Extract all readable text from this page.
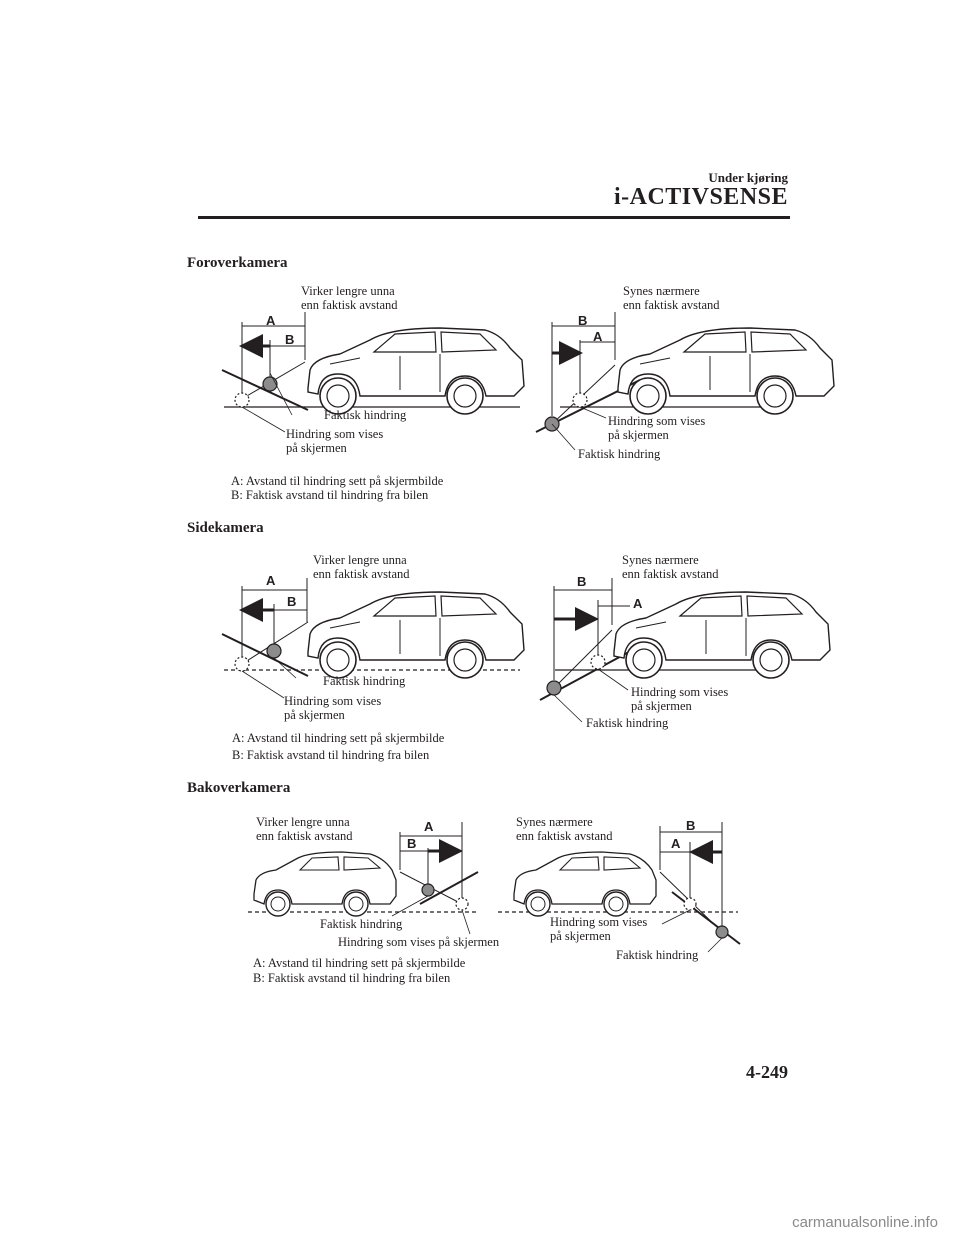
Under kjøring
i-ACTIVSENSE
Foroverkamera
A
B
B
A
Virker lengre unna
enn faktisk avstand
Faktisk hindring
Hindring som vises
på skjermen
Synes nærmere
enn faktisk avstand
Hindring som vises
på skjermen
Faktisk hindring
A: Avstand til hindring sett på skjermbilde
B: Faktisk avstand til hindring fra bilen
Sidekamera
A
B
B
A
Virker lengre unna
enn faktisk avstand
Faktisk hindring
Hindring som vises
på skjermen
Synes nærmere
enn faktisk avstand
Hindring som vises
på skjermen
Faktisk hindring
A: Avstand til hindring sett på skjermbilde
B: Faktisk avstand til hindring fra bilen
Bakoverkamera
A
B
B
A
Virker lengre unna
enn faktisk avstand
Faktisk hindring
Hindring som vises på skjermen
Synes nærmere
enn faktisk avstand
Hindring som vises
på skjermen
Faktisk hindring
A: Avstand til hindring sett på skjermbilde
B: Faktisk avstand til hindring fra bilen
4-249
carmanualsonline.info
